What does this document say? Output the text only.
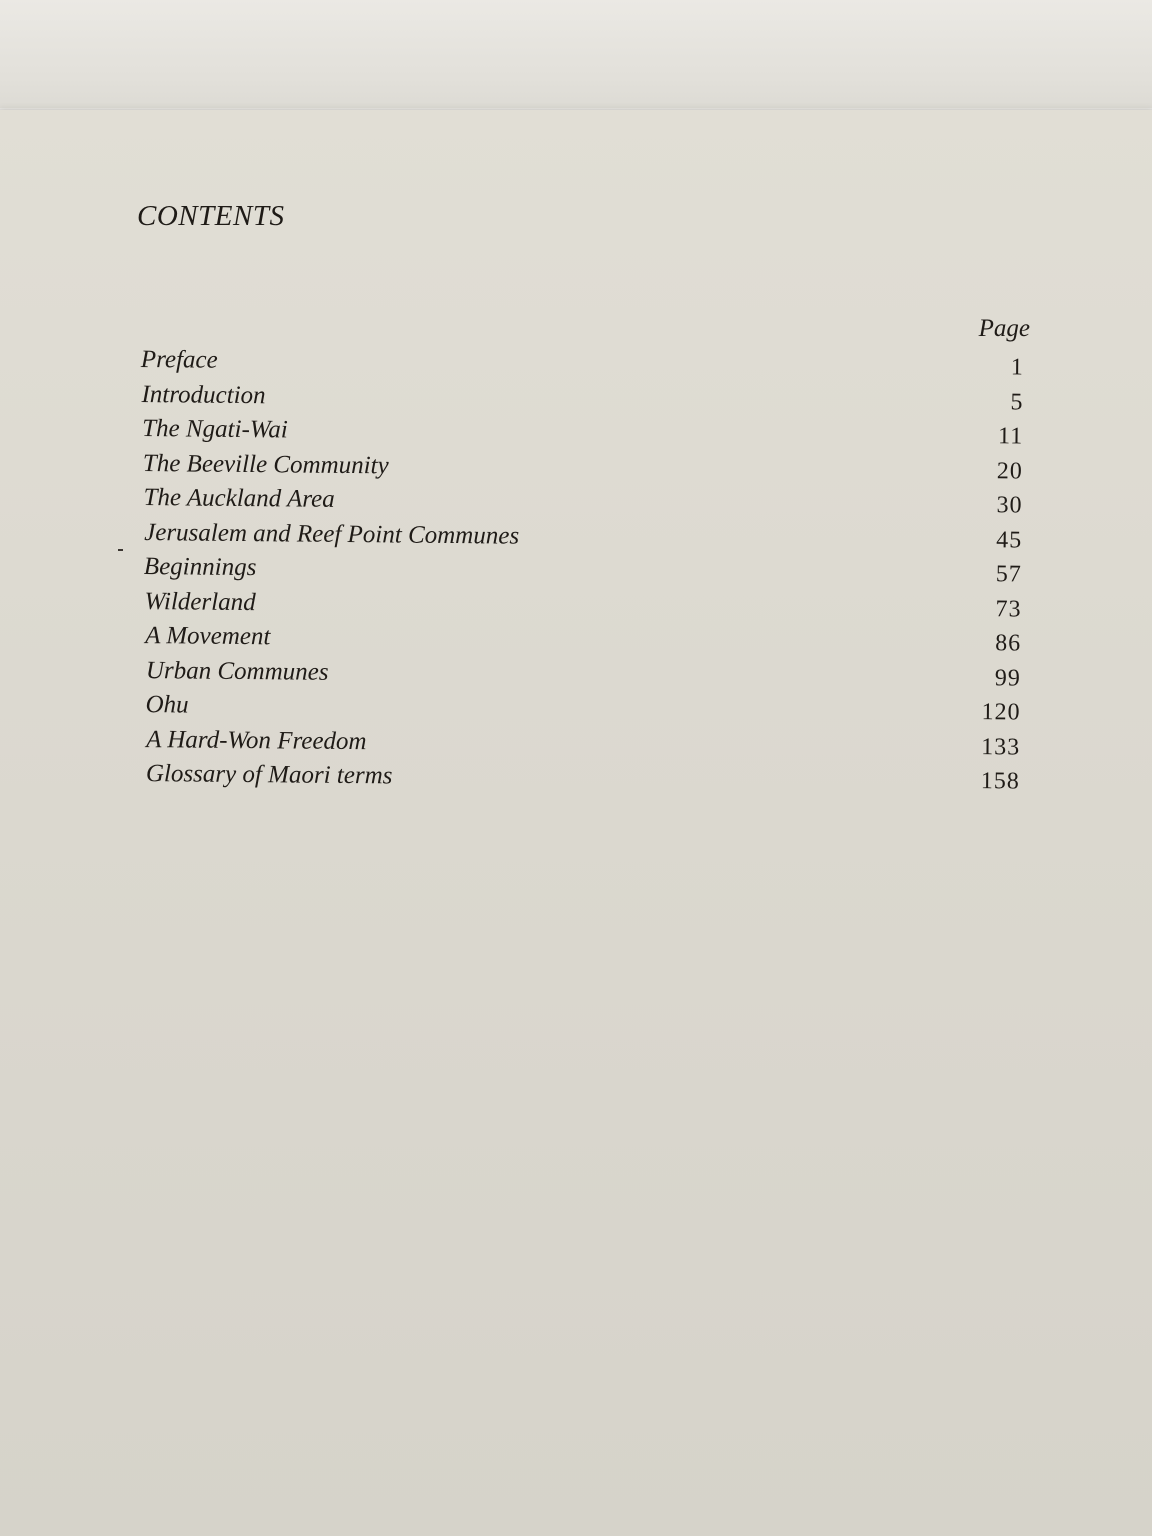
CONTENTS
Page
Preface	1
Introduction	5
The Ngati-Wai	11
The Beeville Community	20
The Auckland Area	30
Jerusalem and Reef Point Communes	45
Beginnings	57
Wilderland	73
A Movement	86
Urban Communes	99
Ohu	120
A Hard-Won Freedom	133
Glossary of Maori terms	158
